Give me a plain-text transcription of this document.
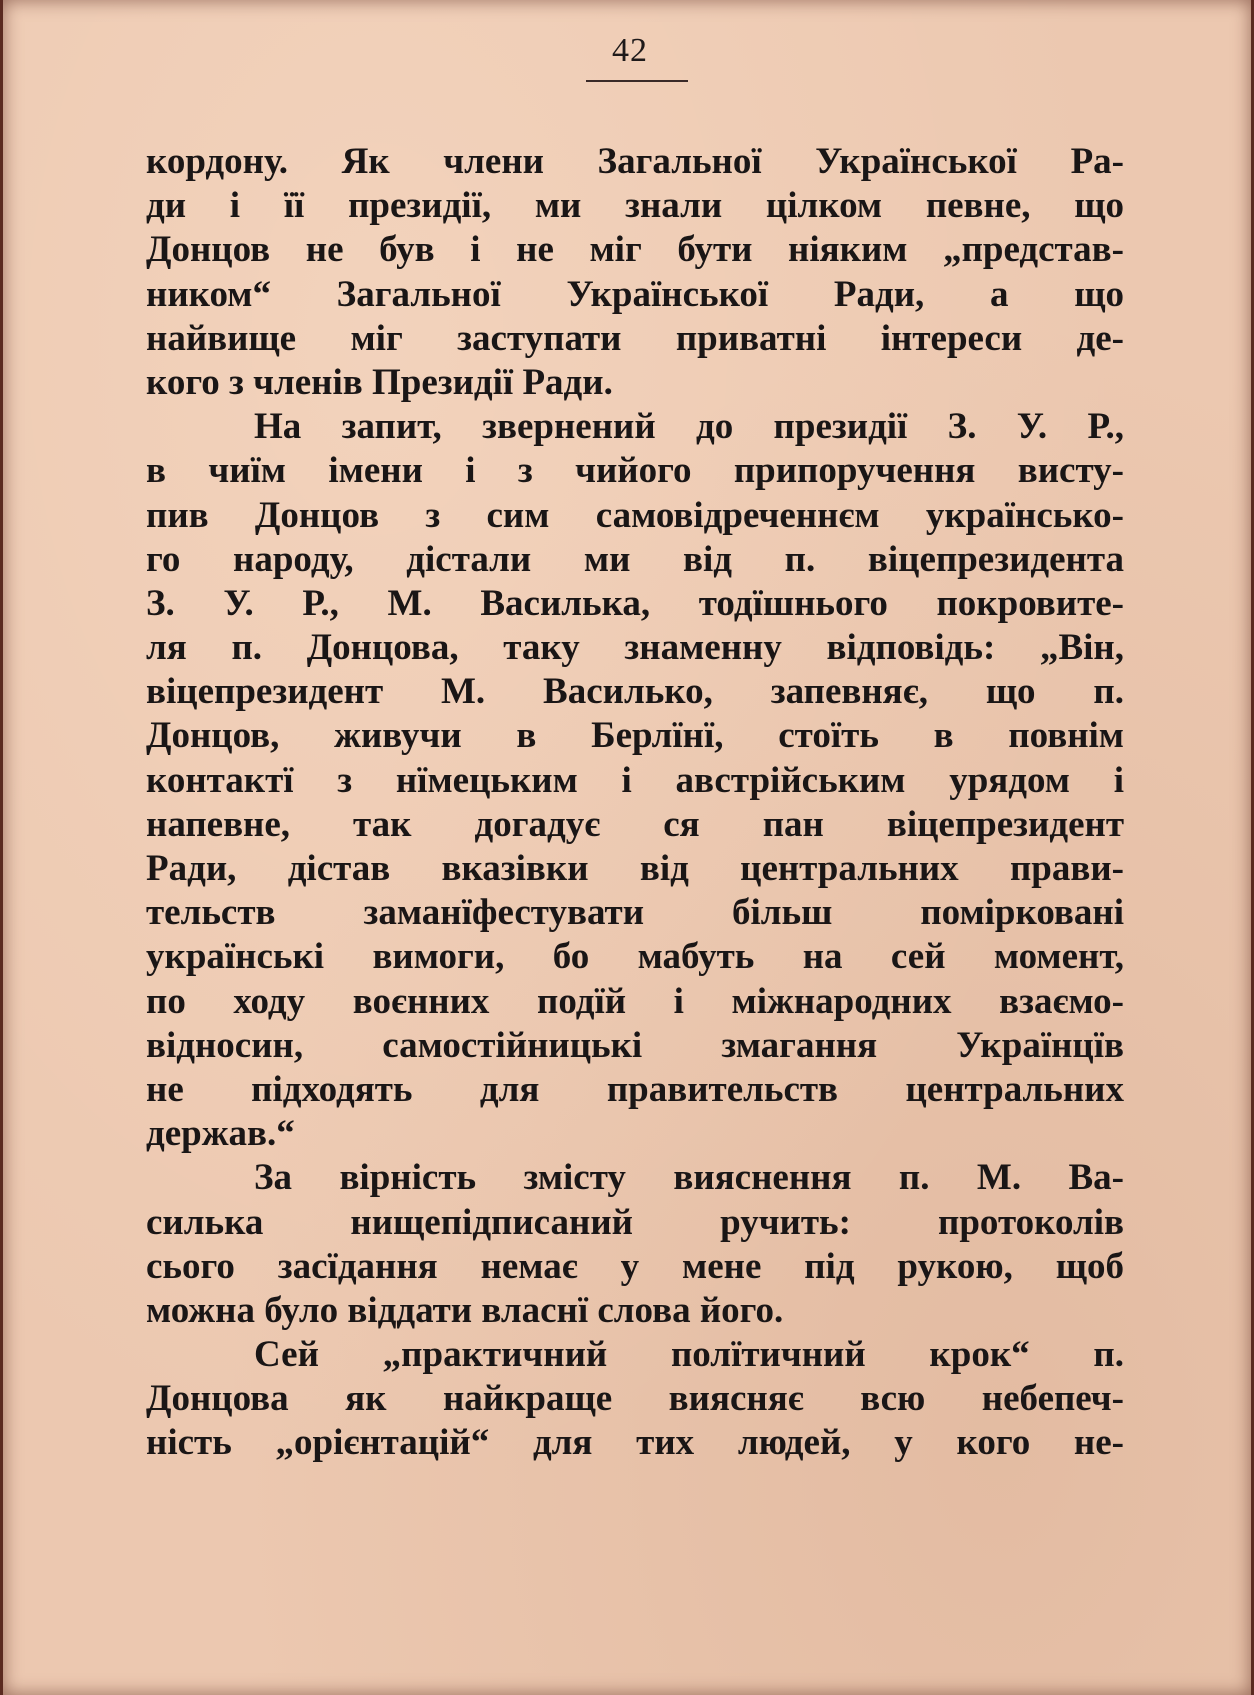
42
кордону. Як члени Загальної Української Ра-
ди і її президії, ми знали цілком певне, що
Донцов не був і не міг бути ніяким „представ-
ником“ Загальної Української Ради, а що
найвище міг заступати приватні інтереси де-
кого з членів Президії Ради.
На запит, звернений до президії З. У. Р.,
в чиїм імени і з чийого припоручення висту-
пив Донцов з сим самовідреченнєм українсько-
го народу, дістали ми від п. віцепрезидента
З. У. Р., М. Василька, тодїшнього покровите-
ля п. Донцова, таку знаменну відповідь: „Він,
віцепрезидент М. Василько, запевняє, що п.
Донцов, живучи в Берлїнї, стоїть в повнім
контактї з нїмецьким і австрійським урядом і
напевне, так догадує ся пан віцепрезидент
Ради, дістав вказівки від центральних прави-
тельств заманїфестувати більш помірковані
українські вимоги, бо мабуть на сей момент,
по ходу воєнних подїй і міжнародних взаємо-
відносин, самостійницькі змагання Українцїв
не підходять для правительств центральних
держав.“
За вірність змісту вияснення п. М. Ва-
силька нищепідписаний ручить: протоколів
сього засїдання немає у мене під рукою, щоб
можна було віддати власнї слова його.
Сей „практичний полїтичний крок“ п.
Донцова як найкраще виясняє всю небепеч-
ність „орієнтацій“ для тих людей, у кого не-
